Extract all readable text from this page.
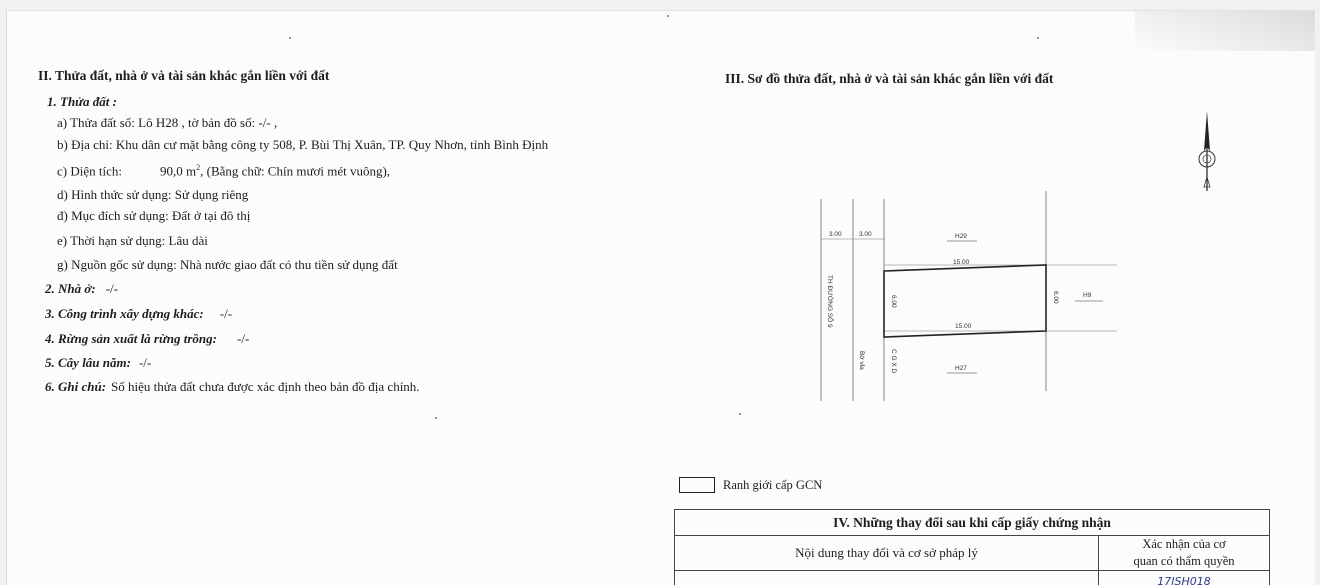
II. Thửa đất, nhà ở và tài sản khác gắn liền với đất
1. Thửa đất :
a) Thửa đất số: Lô H28 , tờ bản đồ số: -/- ,
b) Địa chỉ: Khu dân cư mặt bằng công ty 508, P. Bùi Thị Xuân, TP. Quy Nhơn, tỉnh Bình Định
c) Diện tích:	90,0 $m^2$, (Bằng chữ: Chín mươi mét vuông),
d) Hình thức sử dụng: Sử dụng riêng
đ) Mục đích sử dụng: Đất ở tại đô thị
e) Thời hạn sử dụng: Lâu dài
g) Nguồn gốc sử dụng: Nhà nước giao đất có thu tiền sử dụng đất
2. Nhà ở: -/-
3. Công trình xây dựng khác: -/-
4. Rừng sản xuất là rừng trồng: -/-
5. Cây lâu năm: -/-
6. Ghi chú: Số hiệu thửa đất chưa được xác định theo bản đồ địa chính.
III. Sơ đồ thửa đất, nhà ở và tài sản khác gắn liền với đất
3.00	3.00	H29
15.00
15.00
H27
H9
6.00	6.00
TH ĐƯỜNG SỐ 9
Bờ vỉa	C G X D
Ranh giới cấp GCN
IV. Những thay đổi sau khi cấp giấy chứng nhận	
Nội dung thay đổi và cơ sở pháp lý	Xác nhận của cơ
quan có thẩm quyền

	17ISH018
